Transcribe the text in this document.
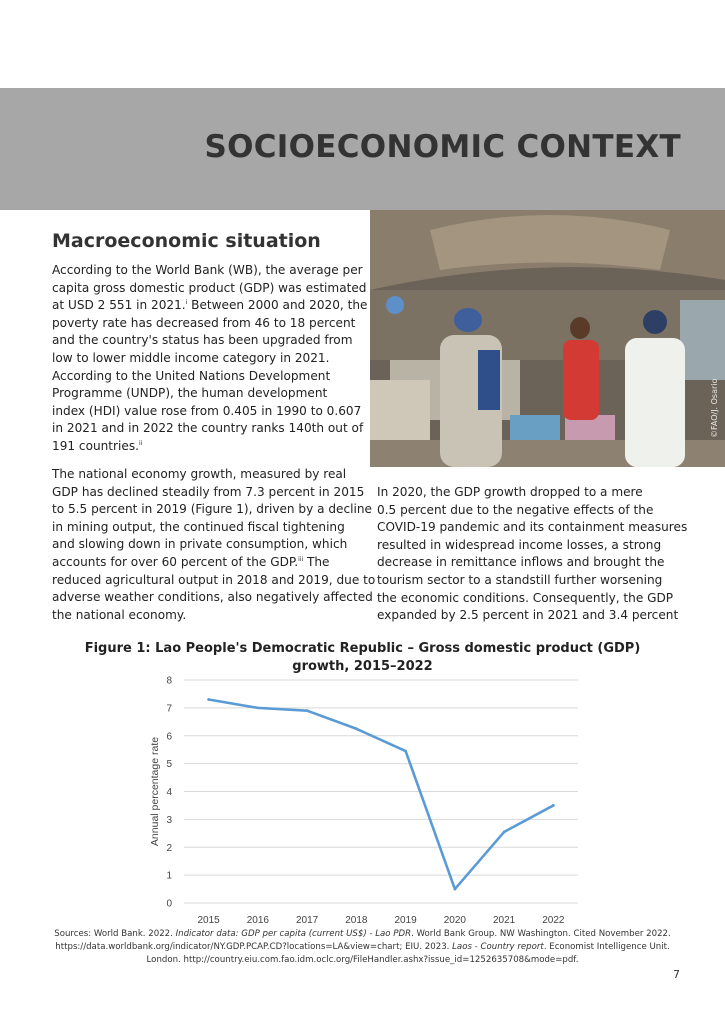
SOCIOECONOMIC CONTEXT
©FAO/J. Osario
Macroeconomic situation

According to the World Bank (WB), the average per
capita gross domestic product (GDP) was estimated
at USD 2 551 in 2021.$^i$ Between 2000 and 2020, the
poverty rate has decreased from 46 to 18 percent
and the country's status has been upgraded from
low to lower middle income category in 2021.
According to the United Nations Development
Programme (UNDP), the human development
index (HDI) value rose from 0.405 in 1990 to 0.607
in 2021 and in 2022 the country ranks 140th out of
191 countries.$^{ii}$

The national economy growth, measured by real
GDP has declined steadily from 7.3 percent in 2015
to 5.5 percent in 2019 (Figure 1), driven by a decline
in mining output, the continued fiscal tightening
and slowing down in private consumption, which
accounts for over 60 percent of the GDP.$^{iii}$ The
reduced agricultural output in 2018 and 2019, due to
adverse weather conditions, also negatively affected
the national economy.

In 2020, the GDP growth dropped to a mere
0.5 percent due to the negative effects of the
COVID-19 pandemic and its containment measures
resulted in widespread income losses, a strong
decrease in remittance inflows and brought the
tourism sector to a standstill further worsening
the economic conditions. Consequently, the GDP
expanded by 2.5 percent in 2021 and 3.4 percent

Figure 1: Lao People's Democratic Republic – Gross domestic product (GDP)
growth, 2015–2022
0
1
2
3
4
5
6
7
8
2015	2016	2017	2018	2019	2020	2021	2022
Annual percentage rate
Sources: World Bank. 2022. Indicator data: GDP per capita (current US$) - Lao PDR. World Bank Group. NW Washington. Cited November 2022.
https://data.worldbank.org/indicator/NY.GDP.PCAP.CD?locations=LA&view=chart; EIU. 2023. Laos - Country report. Economist Intelligence Unit.
London. http://country.eiu.com.fao.idm.oclc.org/FileHandler.ashx?issue_id=1252635708&mode=pdf.
7
